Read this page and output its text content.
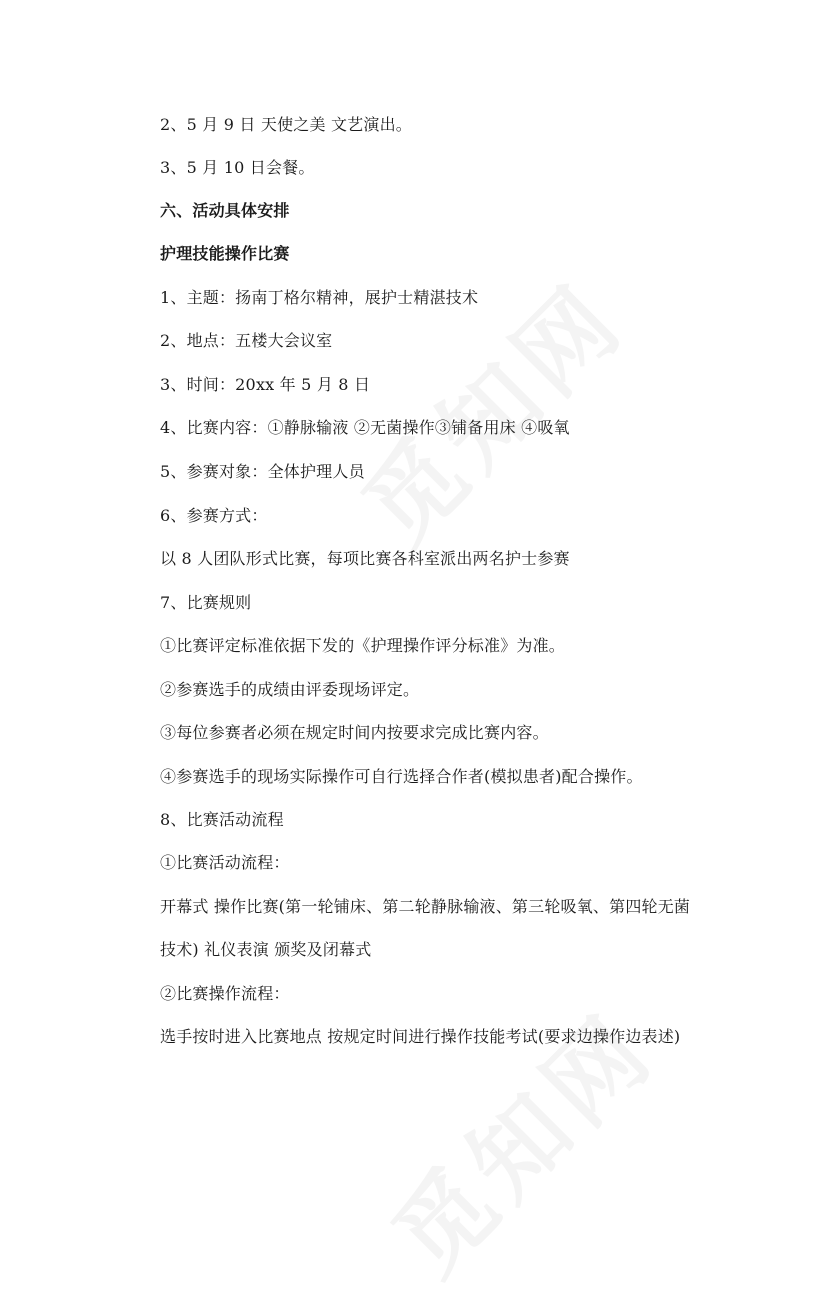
2、5 月 9 日 天使之美 文艺演出。
3、5 月 10 日会餐。
六、活动具体安排
护理技能操作比赛
1、主题：扬南丁格尔精神，展护士精湛技术
2、地点：五楼大会议室
3、时间：20xx 年 5 月 8 日
4、比赛内容：①静脉输液 ②无菌操作③铺备用床 ④吸氧
5、参赛对象：全体护理人员
6、参赛方式：
以 8 人团队形式比赛，每项比赛各科室派出两名护士参赛
7、比赛规则
①比赛评定标准依据下发的《护理操作评分标准》为准。
②参赛选手的成绩由评委现场评定。
③每位参赛者必须在规定时间内按要求完成比赛内容。
④参赛选手的现场实际操作可自行选择合作者(模拟患者)配合操作。
8、比赛活动流程
①比赛活动流程：
开幕式 操作比赛(第一轮铺床、第二轮静脉输液、第三轮吸氧、第四轮无菌
技术) 礼仪表演 颁奖及闭幕式
②比赛操作流程：
选手按时进入比赛地点 按规定时间进行操作技能考试(要求边操作边表述)
